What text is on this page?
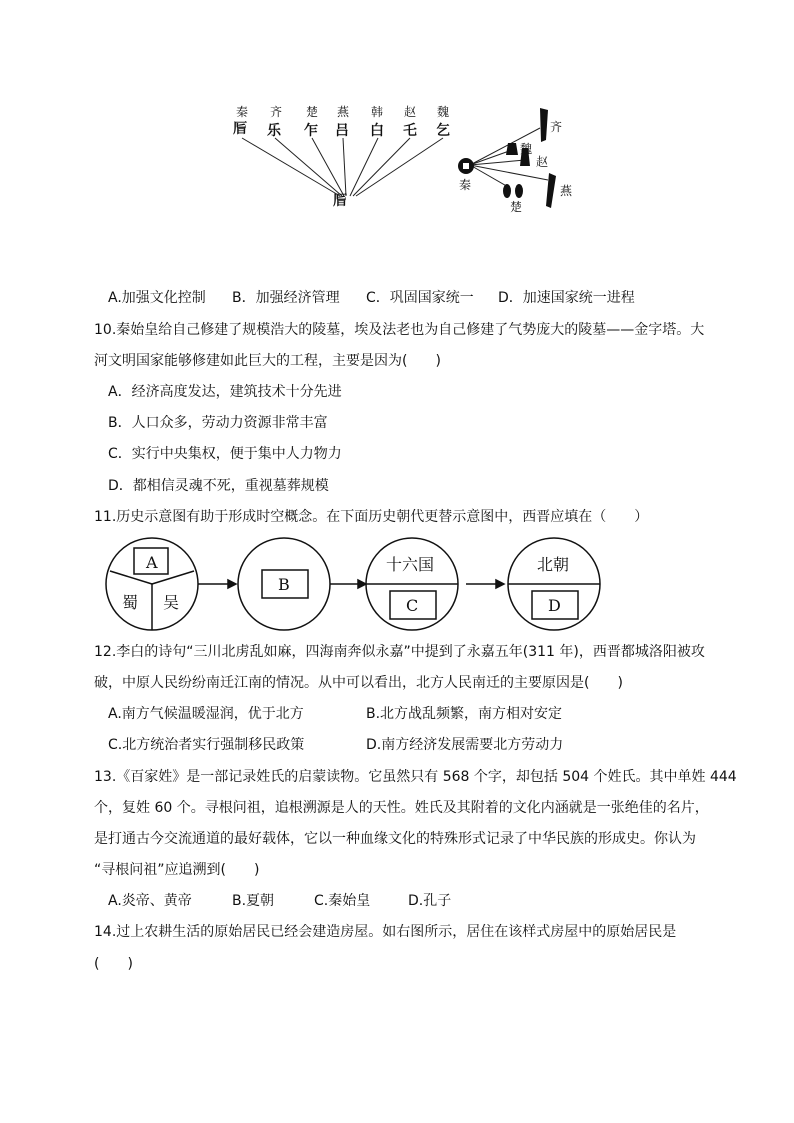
秦 齐 楚 燕 韩 赵 魏
𠩊 乐 乍 吕 白 乇 乞
𠩊
秦
齐
魏
赵
燕
楚
A.加强文化控制 B．加强经济管理 C．巩固国家统一 D．加速国家统一进程
10.秦始皇给自己修建了规模浩大的陵墓，埃及法老也为自己修建了气势庞大的陵墓——金字塔。大
河文明国家能够修建如此巨大的工程，主要是因为(　　)
A．经济高度发达，建筑技术十分先进
B．人口众多，劳动力资源非常丰富
C．实行中央集权，便于集中人力物力
D．都相信灵魂不死，重视墓葬规模
11.历史示意图有助于形成时空概念。在下面历史朝代更替示意图中，西晋应填在（　　）
A
蜀 吴
B
十六国
C
北朝
D
12.李白的诗句“三川北虏乱如麻，四海南奔似永嘉”中提到了永嘉五年(311 年)，西晋都城洛阳被攻
破，中原人民纷纷南迁江南的情况。从中可以看出，北方人民南迁的主要原因是(　　)
A.南方气候温暖湿润，优于北方	B.北方战乱频繁，南方相对安定
C.北方统治者实行强制移民政策	D.南方经济发展需要北方劳动力
13.《百家姓》是一部记录姓氏的启蒙读物。它虽然只有 568 个字，却包括 504 个姓氏。其中单姓 444
个，复姓 60 个。寻根问祖，追根溯源是人的天性。姓氏及其附着的文化内涵就是一张绝佳的名片，
是打通古今交流通道的最好载体，它以一种血缘文化的特殊形式记录了中华民族的形成史。你认为
“寻根问祖”应追溯到(　　)
A.炎帝、黄帝	B.夏朝	C.秦始皇	D.孔子
14.过上农耕生活的原始居民已经会建造房屋。如右图所示，居住在该样式房屋中的原始居民是
(　　)
